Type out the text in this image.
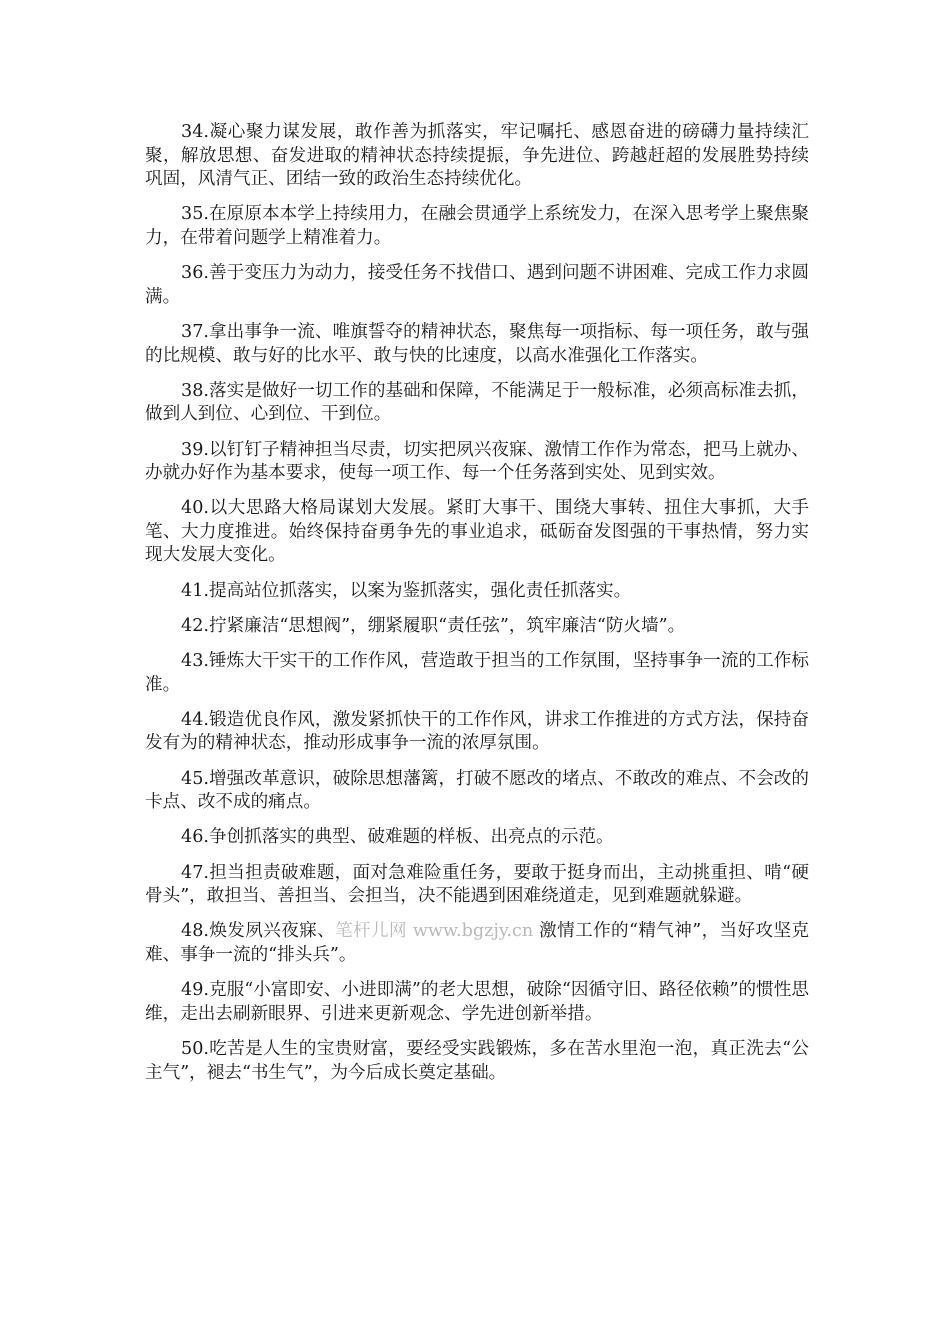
34.凝心聚力谋发展，敢作善为抓落实，牢记嘱托、感恩奋进的磅礴力量持续汇聚，解放思想、奋发进取的精神状态持续提振，争先进位、跨越赶超的发展胜势持续巩固，风清气正、团结一致的政治生态持续优化。

35.在原原本本学上持续用力，在融会贯通学上系统发力，在深入思考学上聚焦聚力，在带着问题学上精准着力。

36.善于变压力为动力，接受任务不找借口、遇到问题不讲困难、完成工作力求圆满。

37.拿出事争一流、唯旗誓夺的精神状态，聚焦每一项指标、每一项任务，敢与强的比规模、敢与好的比水平、敢与快的比速度，以高水准强化工作落实。

38.落实是做好一切工作的基础和保障，不能满足于一般标准，必须高标准去抓，做到人到位、心到位、干到位。

39.以钉钉子精神担当尽责，切实把夙兴夜寐、激情工作作为常态，把马上就办、办就办好作为基本要求，使每一项工作、每一个任务落到实处、见到实效。

40.以大思路大格局谋划大发展。紧盯大事干、围绕大事转、扭住大事抓，大手笔、大力度推进。始终保持奋勇争先的事业追求，砥砺奋发图强的干事热情，努力实现大发展大变化。

41.提高站位抓落实，以案为鉴抓落实，强化责任抓落实。

42.拧紧廉洁“思想阀”，绷紧履职“责任弦”，筑牢廉洁“防火墙”。

43.锤炼大干实干的工作作风，营造敢于担当的工作氛围，坚持事争一流的工作标准。

44.锻造优良作风，激发紧抓快干的工作作风，讲求工作推进的方式方法，保持奋发有为的精神状态，推动形成事争一流的浓厚氛围。

45.增强改革意识，破除思想藩篱，打破不愿改的堵点、不敢改的难点、不会改的卡点、改不成的痛点。

46.争创抓落实的典型、破难题的样板、出亮点的示范。

47.担当担责破难题，面对急难险重任务，要敢于挺身而出，主动挑重担、啃“硬骨头”，敢担当、善担当、会担当，决不能遇到困难绕道走，见到难题就躲避。

48.焕发夙兴夜寐、笔杆儿网 www.bgzjy.cn 激情工作的“精气神”，当好攻坚克难、事争一流的“排头兵”。

49.克服“小富即安、小进即满”的老大思想，破除“因循守旧、路径依赖”的惯性思维，走出去刷新眼界、引进来更新观念、学先进创新举措。

50.吃苦是人生的宝贵财富，要经受实践锻炼，多在苦水里泡一泡，真正洗去“公主气”，褪去“书生气”，为今后成长奠定基础。
